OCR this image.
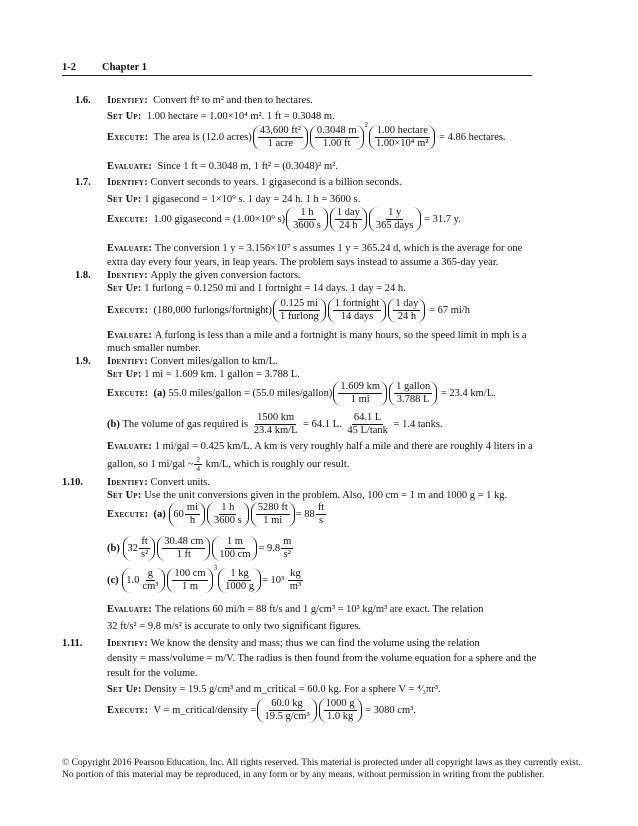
1-2 Chapter 1
1.6. Identify: Convert ft² to m² and then to hectares.
Set Up: 1.00 hectare = 1.00×10⁴ m². 1 ft = 0.3048 m.
Execute:
The area is (12.0 acres) $\frac{\text{43,600 ft²}}{\text{1 acre}} \frac{0.3048 m}{1.00 ft} 2 \frac{\text{1.00 hectare}}{\text{1.00×10⁴ m²}}$
= 4.86 hectares.
Evaluate: Since 1 ft = 0.3048 m, 1 ft² = (0.3048)² m².
1.7. Identify: Convert seconds to years. 1 gigasecond is a billion seconds.
Set Up: 1 gigasecond = 1×10⁹ s. 1 day = 24 h. 1 h = 3600 s.
Execute:
1.00 gigasecond = (1.00×10⁹ $s) \frac{1 h}{3600 s} \frac{\text{1 day}}{24 h} \frac{1 y}{\text{365 days}}$
= 31.7 y.
Evaluate: The conversion 1 y = 3.156×10⁷ s assumes 1 y = 365.24 d, which is the average for one
extra day every four years, in leap years. The problem says instead to assume a 365-day year.
1.8. Identify: Apply the given conversion factors.
Set Up: 1 furlong = 0.1250 mi and 1 fortnight = 14 days. 1 day = 24 h.
Execute:
(180,000 furlongs/fortnight) $\frac{0.125 mi}{\text{1 furlong}} \frac{\text{1 fortnight}}{\text{14 days}} \frac{\text{1 day}}{24 h}$
= 67 mi/h
Evaluate: A furlong is less than a mile and a fortnight is many hours, so the speed limit in mph is a
much smaller number.
1.9. Identify: Convert miles/gallon to km/L.
Set Up: 1 mi = 1.609 km. 1 gallon = 3.788 L.
Execute:
(a)
55.0 miles/gallon = (55.0 miles/gallon) $\frac{1.609 km}{1 mi} \frac{\text{1 gallon}}{3.788 L}$
= 23.4 km/L.
(b)
The volume of gas required is
$\frac{1500 km}{23.4 km/L}$
= 64.1 L.
$\frac{64.1 L}{45 L/\tan k}$
= 1.4 tanks.
Evaluate: 1 mi/gal = 0.425 km/L. A km is very roughly half a mile and there are roughly 4 liters in a
gallon, so 1 mi/gal ~ $\frac{2}{4}$
km/L, which is roughly our result.
1.10. Identify: Convert units.
Set Up: Use the unit conversions given in the problem. Also, 100 cm = 1 m and 1000 g = 1 kg.
Execute:
(a)
$60 \frac{mi}{h} \frac{1 h}{3600 s} \frac{5280 ft}{1 mi} = 88 \frac{ft}{s}$
(b)
$32 \frac{ft}{\text{s²}} \frac{30.48 cm}{1 ft} \frac{1 m}{100 cm} = 9.8 \frac{m}{\text{s²}}$
(c)
$1.0 \frac{g}{\text{cm³}} \frac{100 cm}{1 m} 3 \frac{1 kg}{1000 g} = 10^3$
$\frac{kg}{\text{m³}}$
Evaluate: The relations 60 mi/h = 88 ft/s and 1 g/cm³ = 10³ kg/m³ are exact. The relation
32 ft/s² = 9.8 m/s² is accurate to only two significant figures.
1.11. Identify: We know the density and mass; thus we can find the volume using the relation
density = mass/volume = m/V. The radius is then found from the volume equation for a sphere and the
result for the volume.
Set Up: Density = 19.5 g/cm³ and m_critical = 60.0 kg. For a sphere V = ⁴⁄₃πr³.
Execute:
V = m_critical/density = $\frac{60.0 kg}{\text{19.5 g/cm³}} \frac{1000 g}{1.0 kg}$
= 3080 cm³.
© Copyright 2016 Pearson Education, Inc. All rights reserved. This material is protected under all copyright laws as they currently exist.
No portion of this material may be reproduced, in any form or by any means, without permission in writing from the publisher.
